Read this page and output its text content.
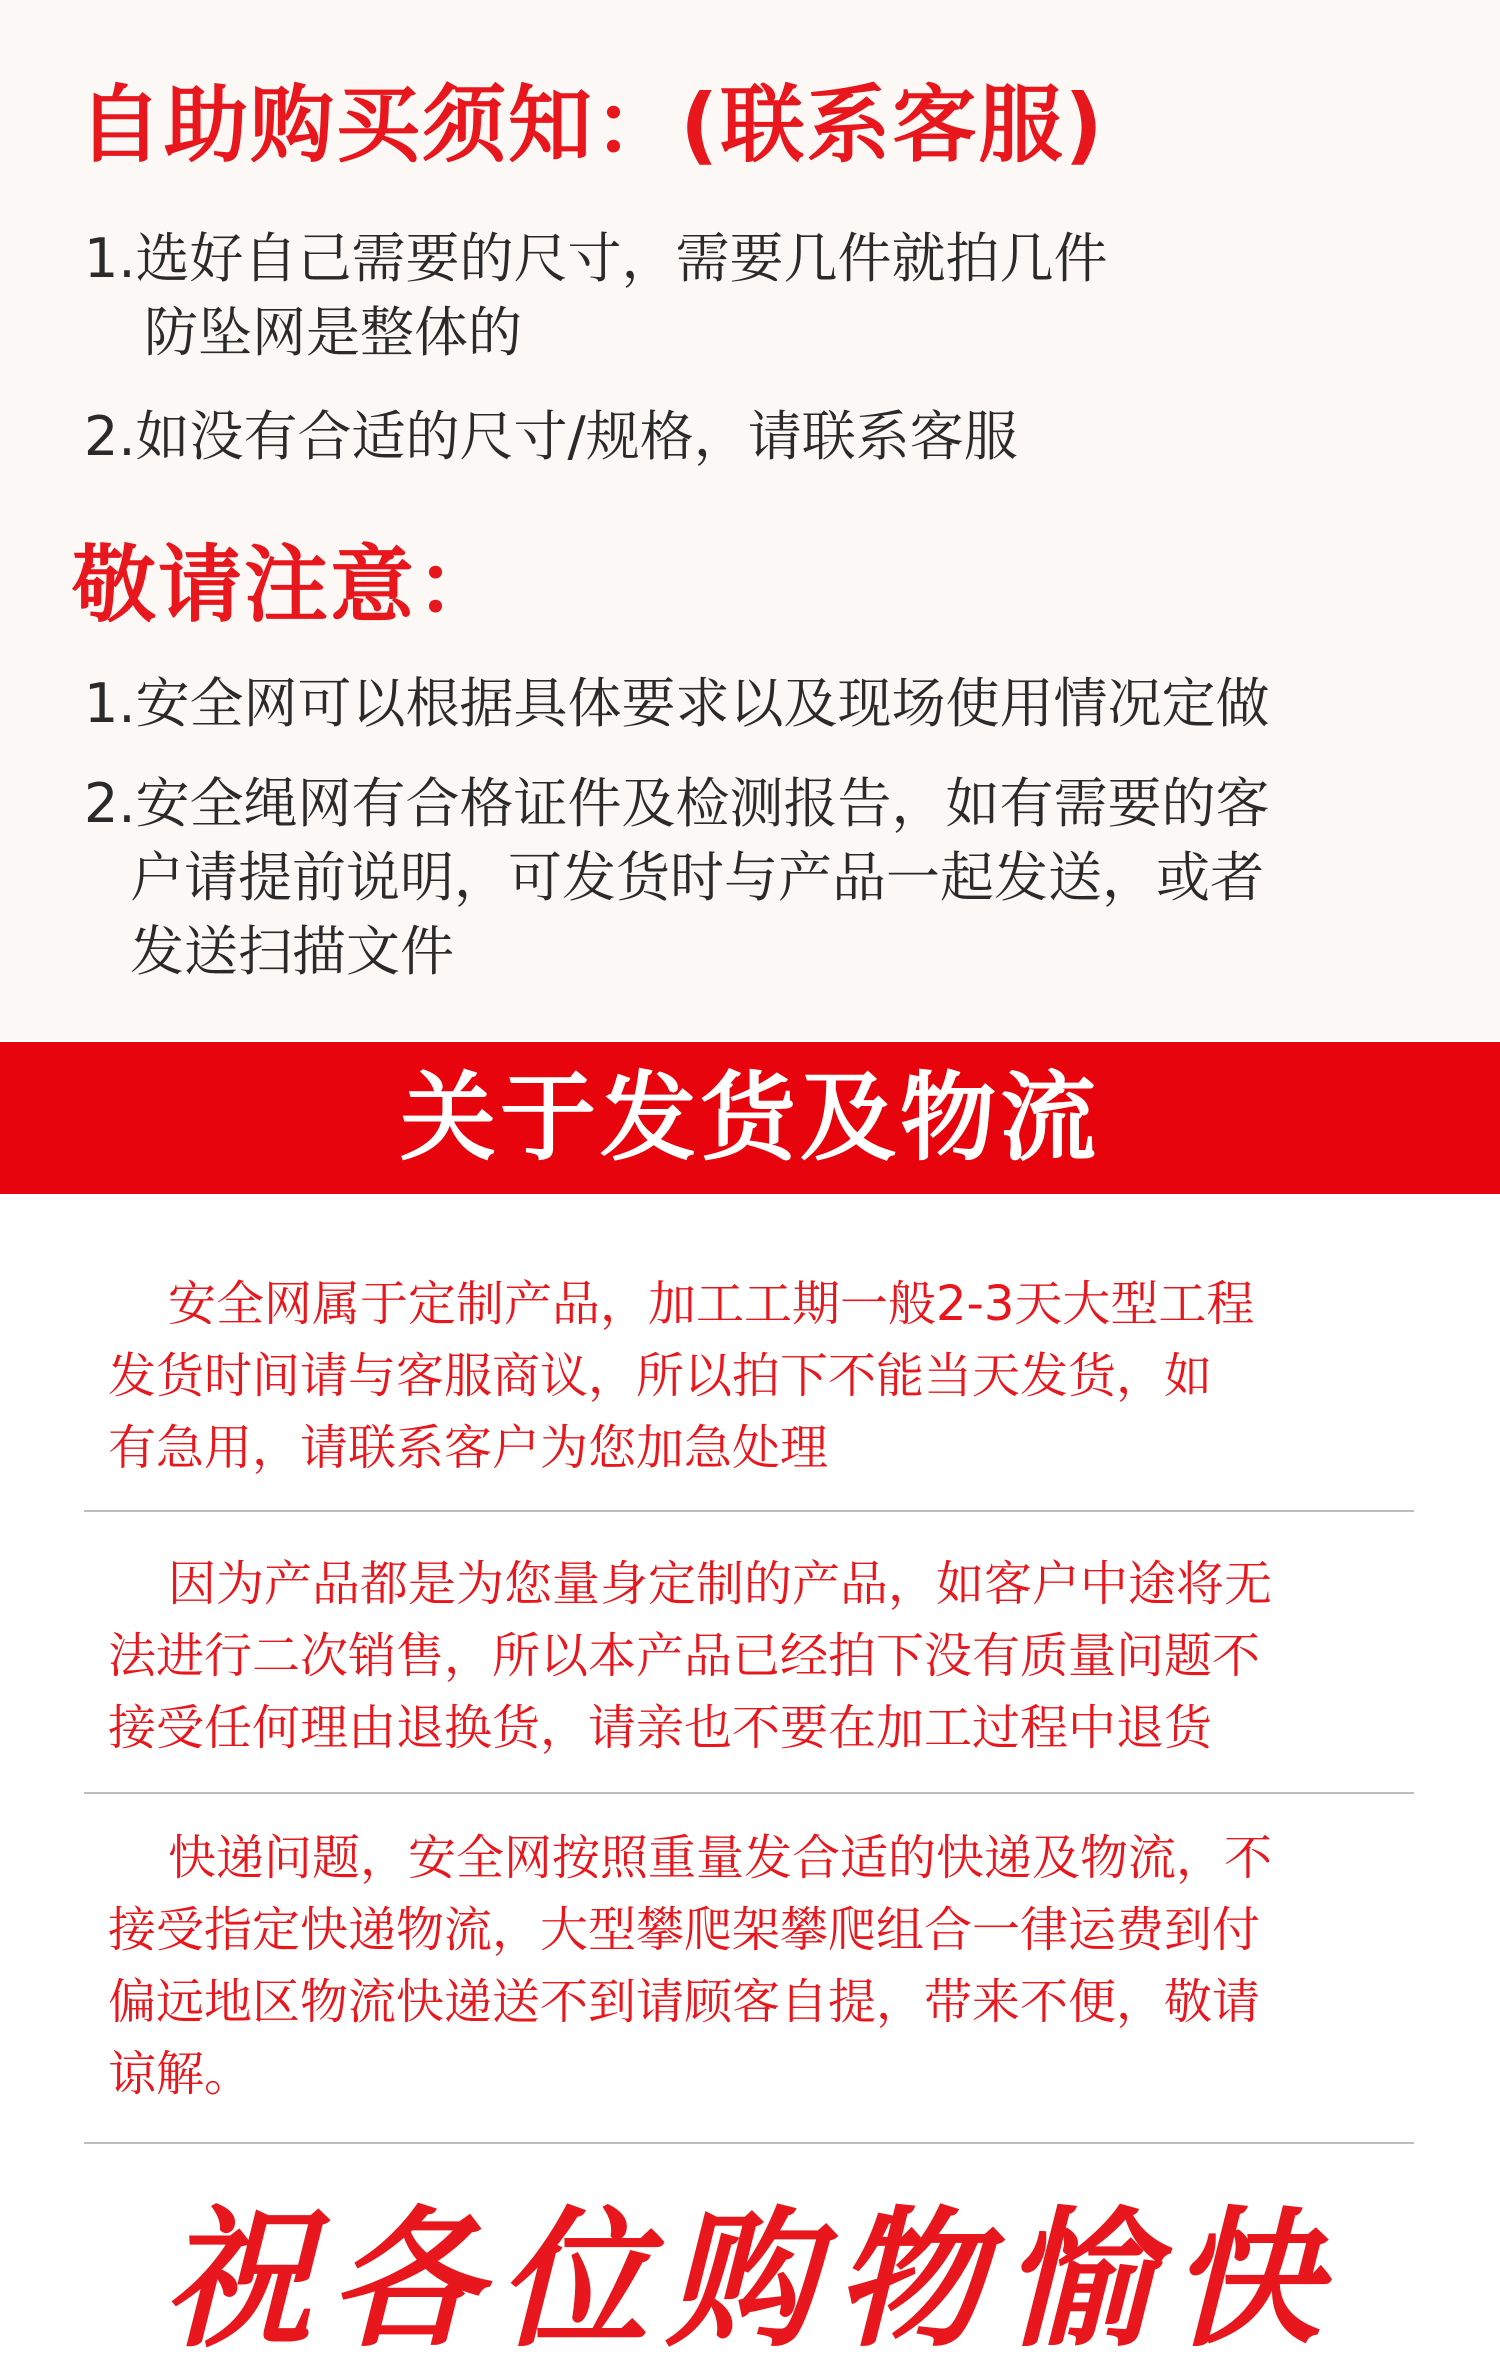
自助购买须知：(联系客服)
1.选好自己需要的尺寸，需要几件就拍几件
防坠网是整体的
2.如没有合适的尺寸/规格，请联系客服
敬请注意：
1.安全网可以根据具体要求以及现场使用情况定做
2.安全绳网有合格证件及检测报告，如有需要的客
户请提前说明，可发货时与产品一起发送，或者
发送扫描文件
关于发货及物流
安全网属于定制产品，加工工期一般2-3天大型工程
发货时间请与客服商议，所以拍下不能当天发货，如
有急用，请联系客户为您加急处理
因为产品都是为您量身定制的产品，如客户中途将无
法进行二次销售，所以本产品已经拍下没有质量问题不
接受任何理由退换货，请亲也不要在加工过程中退货
快递问题，安全网按照重量发合适的快递及物流，不
接受指定快递物流，大型攀爬架攀爬组合一律运费到付
偏远地区物流快递送不到请顾客自提，带来不便，敬请
谅解。
祝各位购物愉快
